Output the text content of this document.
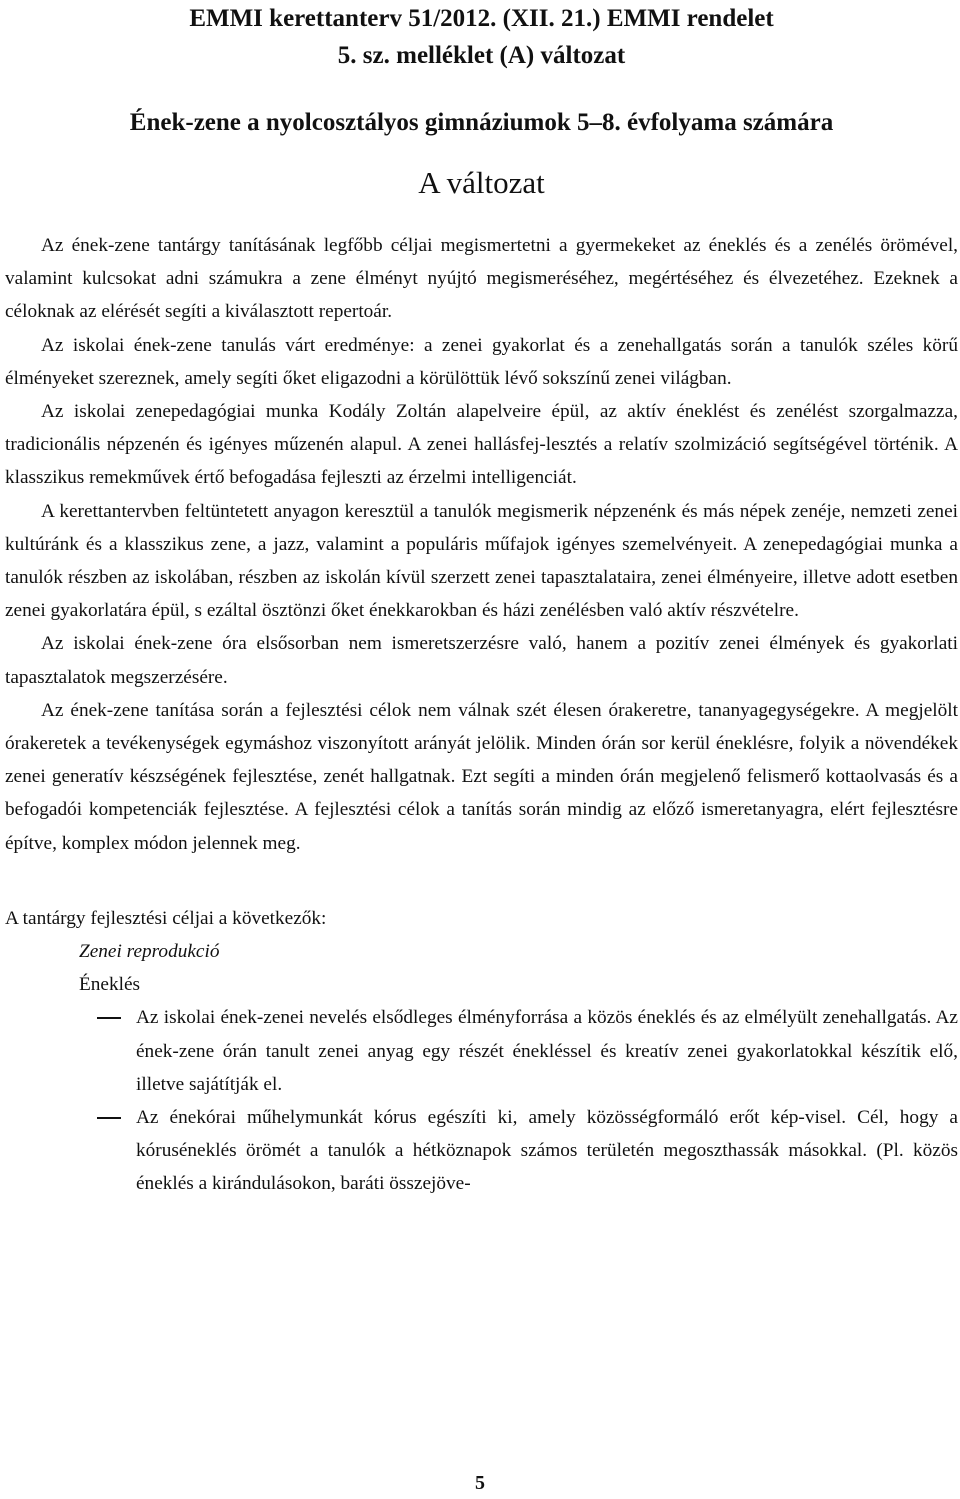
EMMI kerettanterv 51/2012. (XII. 21.) EMMI rendelet
5. sz. melléklet (A) változat
Ének-zene a nyolcosztályos gimnáziumok 5–8. évfolyama számára
A változat

Az ének-zene tantárgy tanításának legfőbb céljai megismertetni a gyermekeket az éneklés és a zenélés örömével, valamint kulcsokat adni számukra a zene élményt nyújtó megismeréséhez, megértéséhez és élvezetéhez. Ezeknek a céloknak az elérését segíti a kiválasztott repertoár.

Az iskolai ének-zene tanulás várt eredménye: a zenei gyakorlat és a zenehallgatás során a tanulók széles körű élményeket szereznek, amely segíti őket eligazodni a körülöttük lévő sokszínű zenei világban.

Az iskolai zenepedagógiai munka Kodály Zoltán alapelveire épül, az aktív éneklést és zenélést szorgalmazza, tradicionális népzenén és igényes műzenén alapul. A zenei hallásfej-lesztés a relatív szolmizáció segítségével történik. A klasszikus remekművek értő befogadása fejleszti az érzelmi intelligenciát.

A kerettantervben feltüntetett anyagon keresztül a tanulók megismerik népzenénk és más népek zenéje, nemzeti zenei kultúránk és a klasszikus zene, a jazz, valamint a populáris műfajok igényes szemelvényeit. A zenepedagógiai munka a tanulók részben az iskolában, részben az iskolán kívül szerzett zenei tapasztalataira, zenei élményeire, illetve adott esetben zenei gyakorlatára épül, s ezáltal ösztönzi őket énekkarokban és házi zenélésben való aktív részvételre.

Az iskolai ének-zene óra elsősorban nem ismeretszerzésre való, hanem a pozitív zenei élmények és gyakorlati tapasztalatok megszerzésére.

Az ének-zene tanítása során a fejlesztési célok nem válnak szét élesen órakeretre, tananyagegységekre. A megjelölt órakeretek a tevékenységek egymáshoz viszonyított arányát jelölik. Minden órán sor kerül éneklésre, folyik a növendékek zenei generatív készségének fejlesztése, zenét hallgatnak. Ezt segíti a minden órán megjelenő felismerő kottaolvasás és a befogadói kompetenciák fejlesztése. A fejlesztési célok a tanítás során mindig az előző ismeretanyagra, elért fejlesztésre építve, komplex módon jelennek meg.

A tantárgy fejlesztési céljai a következők:
Zenei reprodukció
Éneklés
Az iskolai ének-zenei nevelés elsődleges élményforrása a közös éneklés és az elmélyült zenehallgatás. Az ének-zene órán tanult zenei anyag egy részét énekléssel és kreatív zenei gyakorlatokkal készítik elő, illetve sajátítják el.
Az énekórai műhelymunkát kórus egészíti ki, amely közösségformáló erőt kép-visel. Cél, hogy a kóruséneklés örömét a tanulók a hétköznapok számos területén megoszthassák másokkal. (Pl. közös éneklés a kirándulásokon, baráti összejöve-
5
